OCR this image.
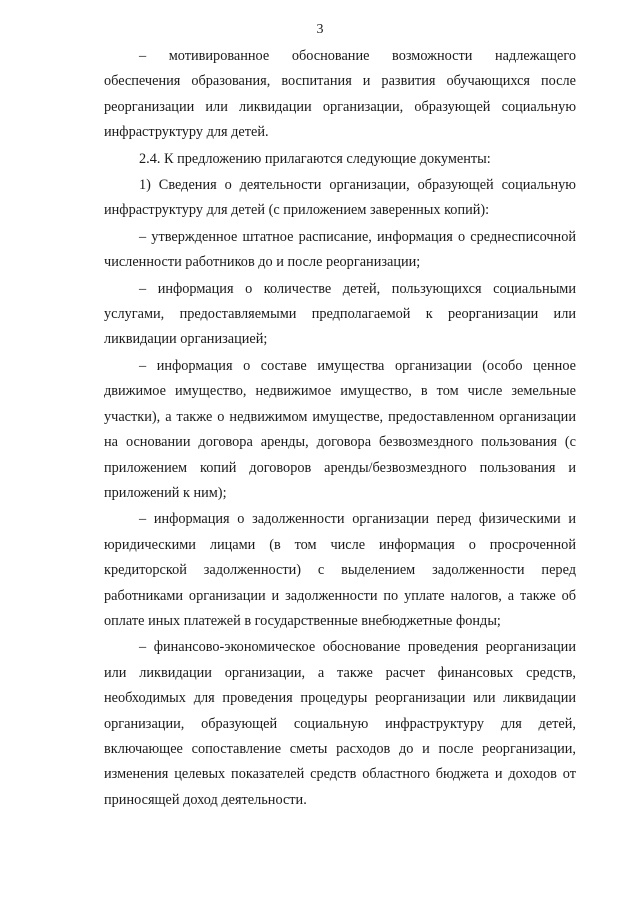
3

– мотивированное обоснование возможности надлежащего обеспечения образования, воспитания и развития обучающихся после реорганизации или ликвидации организации, образующей социальную инфраструктуру для детей.

2.4. К предложению прилагаются следующие документы:

1) Сведения о деятельности организации, образующей социальную инфраструктуру для детей (с приложением заверенных копий):

– утвержденное штатное расписание, информация о среднесписочной численности работников до и после реорганизации;

– информация о количестве детей, пользующихся социальными услугами, предоставляемыми предполагаемой к реорганизации или ликвидации организацией;

– информация о составе имущества организации (особо ценное движимое имущество, недвижимое имущество, в том числе земельные участки), а также о недвижимом имуществе, предоставленном организации на основании договора аренды, договора безвозмездного пользования (с приложением копий договоров аренды/безвозмездного пользования и приложений к ним);

– информация о задолженности организации перед физическими и юридическими лицами (в том числе информация о просроченной кредиторской задолженности) с выделением задолженности перед работниками организации и задолженности по уплате налогов, а также об оплате иных платежей в государственные внебюджетные фонды;

– финансово-экономическое обоснование проведения реорганизации или ликвидации организации, а также расчет финансовых средств, необходимых для проведения процедуры реорганизации или ликвидации организации, образующей социальную инфраструктуру для детей, включающее сопоставление сметы расходов до и после реорганизации, изменения целевых показателей средств областного бюджета и доходов от приносящей доход деятельности.
